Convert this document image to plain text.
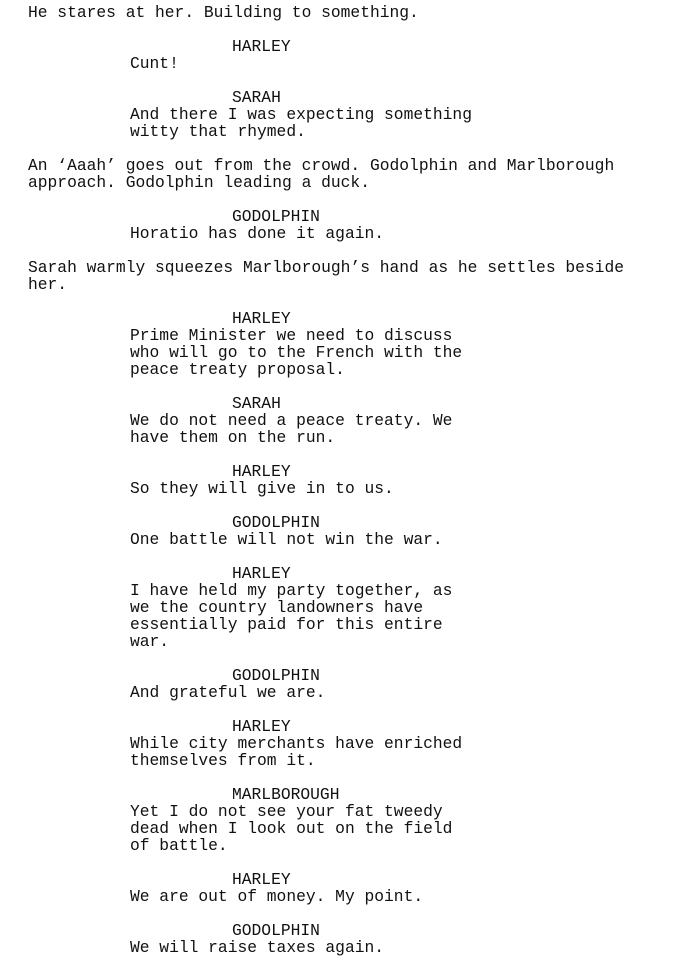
He stares at her. Building to something.
HARLEY
Cunt!
SARAH
And there I was expecting something
witty that rhymed.
An ‘Aaah’ goes out from the crowd. Godolphin and Marlborough
approach. Godolphin leading a duck.
GODOLPHIN
Horatio has done it again.
Sarah warmly squeezes Marlborough’s hand as he settles beside
her.
HARLEY
Prime Minister we need to discuss
who will go to the French with the
peace treaty proposal.
SARAH
We do not need a peace treaty. We
have them on the run.
HARLEY
So they will give in to us.
GODOLPHIN
One battle will not win the war.
HARLEY
I have held my party together, as
we the country landowners have
essentially paid for this entire
war.
GODOLPHIN
And grateful we are.
HARLEY
While city merchants have enriched
themselves from it.
MARLBOROUGH
Yet I do not see your fat tweedy
dead when I look out on the field
of battle.
HARLEY
We are out of money. My point.
GODOLPHIN
We will raise taxes again.
